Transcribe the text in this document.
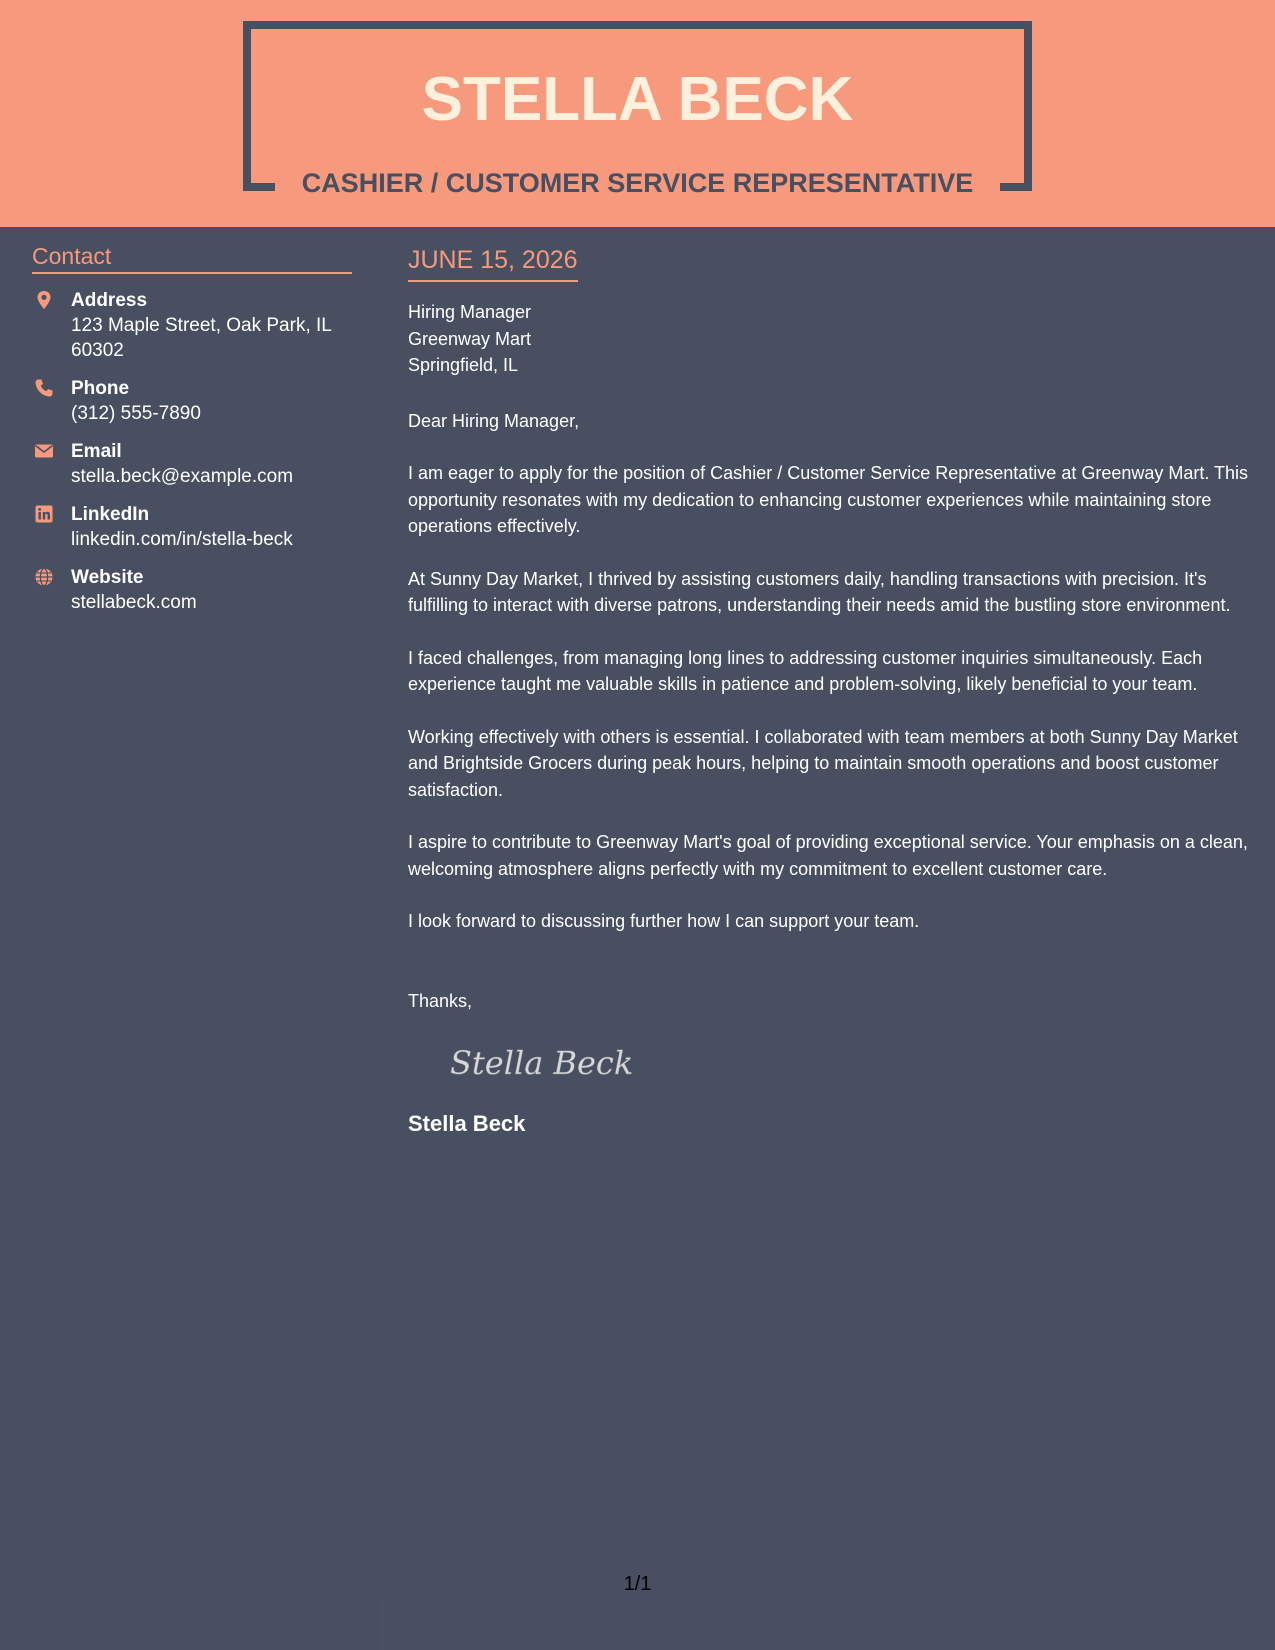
STELLA BECK
CASHIER / CUSTOMER SERVICE REPRESENTATIVE
Contact
Address
123 Maple Street, Oak Park, IL 60302
Phone
(312) 555-7890
Email
stella.beck@example.com
LinkedIn
linkedin.com/in/stella-beck
Website
stellabeck.com
JUNE 15, 2026
Hiring Manager
Greenway Mart
Springfield, IL
Dear Hiring Manager,
I am eager to apply for the position of Cashier / Customer Service Representative at Greenway Mart. This opportunity resonates with my dedication to enhancing customer experiences while maintaining store operations effectively.
At Sunny Day Market, I thrived by assisting customers daily, handling transactions with precision. It's fulfilling to interact with diverse patrons, understanding their needs amid the bustling store environment.
I faced challenges, from managing long lines to addressing customer inquiries simultaneously. Each experience taught me valuable skills in patience and problem-solving, likely beneficial to your team.
Working effectively with others is essential. I collaborated with team members at both Sunny Day Market and Brightside Grocers during peak hours, helping to maintain smooth operations and boost customer satisfaction.
I aspire to contribute to Greenway Mart's goal of providing exceptional service. Your emphasis on a clean, welcoming atmosphere aligns perfectly with my commitment to excellent customer care.
I look forward to discussing further how I can support your team.
Thanks,
Stella Beck
Stella Beck
1/1
